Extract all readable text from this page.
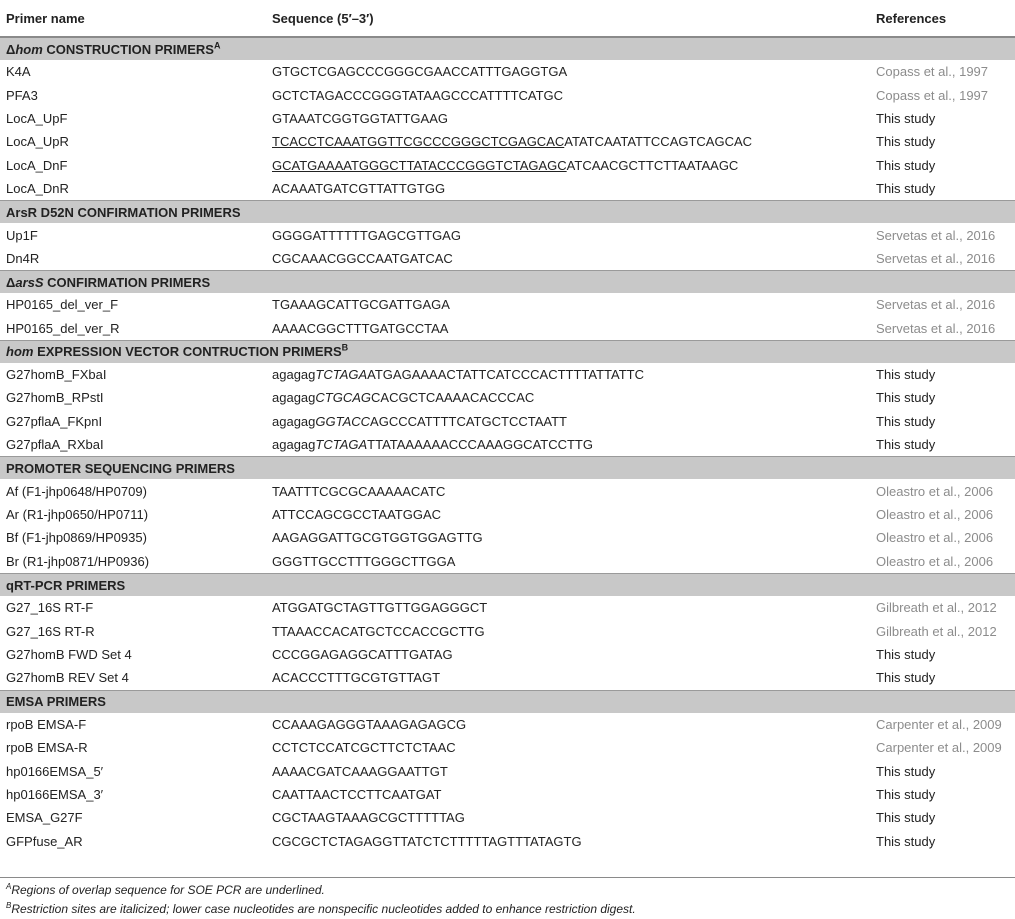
Primer name	Sequence (5′–3′)	References
Δhom CONSTRUCTION $PRIMERS^A$
K4A	GTGCTCGAGCCCGGGCGAACCATTTGAGGTGA	Copass et al., 1997
PFA3	GCTCTAGACCCGGGTATAAGCCCATTTTCATGC	Copass et al., 1997
LocA_UpF	GTAAATCGGTGGTATTGAAG	This study
LocA_UpR	TCACCTCAAATGGTTCGCCCGGGCTCGAGCACATATCAATATTCCAGTCAGCAC	This study
LocA_DnF	GCATGAAAATGGGCTTATACCCGGGTCTAGAGCATCAACGCTTCTTAATAAGC	This study
LocA_DnR	ACAAATGATCGTTATTGTGG	This study
ArsR D52N CONFIRMATION PRIMERS		
Up1F	GGGGATTTTTTGAGCGTTGAG	Servetas et al., 2016
Dn4R	CGCAAACGGCCAATGATCAC	Servetas et al., 2016
ΔarsS CONFIRMATION PRIMERS		
HP0165_del_ver_F	TGAAAGCATTGCGATTGAGA	Servetas et al., 2016
HP0165_del_ver_R	AAAACGGCTTTGATGCCTAA	Servetas et al., 2016
hom EXPRESSION VECTOR CONTRUCTION $PRIMERS^B$
G27homB_FXbaI	agagagTCTAGAATGAGAAAACTATTCATCCCACTTTTATTATTC	This study
G27homB_RPstI	agagagCTGCAGCACGCTCAAAACACCCAC	This study
G27pflaA_FKpnI	agagagGGTACCAGCCCATTTTCATGCTCCTAATT	This study
G27pflaA_RXbaI	agagagTCTAGATTATAAAAAACCCAAAGGCATCCTTG	This study
PROMOTER SEQUENCING PRIMERS		
Af (F1-jhp0648/HP0709)	TAATTTCGCGCAAAAACATC	Oleastro et al., 2006
Ar (R1-jhp0650/HP0711)	ATTCCAGCGCCTAATGGAC	Oleastro et al., 2006
Bf (F1-jhp0869/HP0935)	AAGAGGATTGCGTGGTGGAGTTG	Oleastro et al., 2006
Br (R1-jhp0871/HP0936)	GGGTTGCCTTTGGGCTTGGA	Oleastro et al., 2006
qRT-PCR PRIMERS		
G27_16S RT-F	ATGGATGCTAGTTGTTGGAGGGCT	Gilbreath et al., 2012
G27_16S RT-R	TTAAACCACATGCTCCACCGCTTG	Gilbreath et al., 2012
G27homB FWD Set 4	CCCGGAGAGGCATTTGATAG	This study
G27homB REV Set 4	ACACCCTTTGCGTGTTAGT	This study
EMSA PRIMERS		
rpoB EMSA-F	CCAAAGAGGGTAAAGAGAGCG	Carpenter et al., 2009
rpoB EMSA-R	CCTCTCCATCGCTTCTCTAAC	Carpenter et al., 2009
hp0166EMSA_5′	AAAACGATCAAAGGAATTGT	This study
hp0166EMSA_3′	CAATTAACTCCTTCAATGAT	This study
EMSA_G27F	CGCTAAGTAAAGCGCTTTTTAG	This study
GFPfuse_AR	CGCGCTCTAGAGGTTATCTCTTTTTAGTTTATAGTG	This study
$^A$Regions of overlap sequence for SOE PCR are underlined.
$^B$Restriction sites are italicized; lower case nucleotides are nonspecific nucleotides added to enhance restriction digest.
